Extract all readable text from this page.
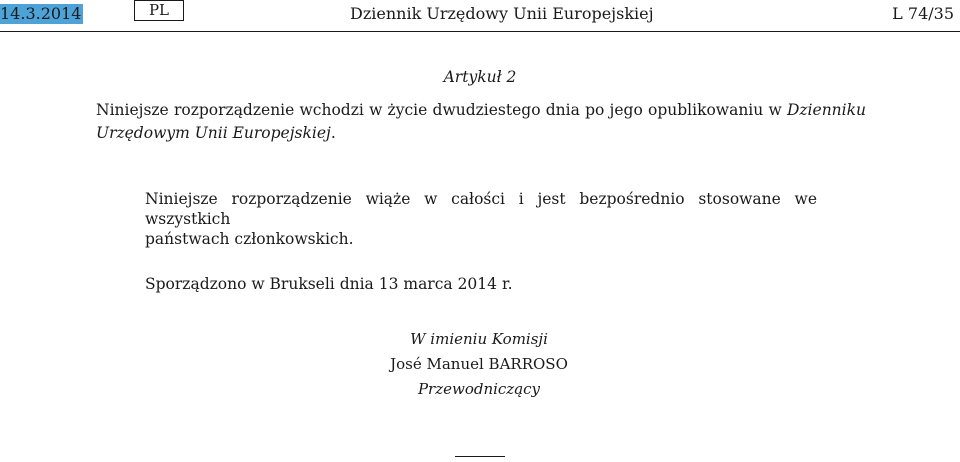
14.3.2014	PL	Dziennik Urzędowy Unii Europejskiej	L 74/35
Artykuł 2
Niniejsze rozporządzenie wchodzi w życie dwudziestego dnia po jego opublikowaniu w Dzienniku Urzędowym Unii Europejskiej.
Niniejsze rozporządzenie wiąże w całości i jest bezpośrednio stosowane we wszystkich
państwach członkowskich.
Sporządzono w Brukseli dnia 13 marca 2014 r.
W imieniu Komisji
José Manuel BARROSO
Przewodniczący
